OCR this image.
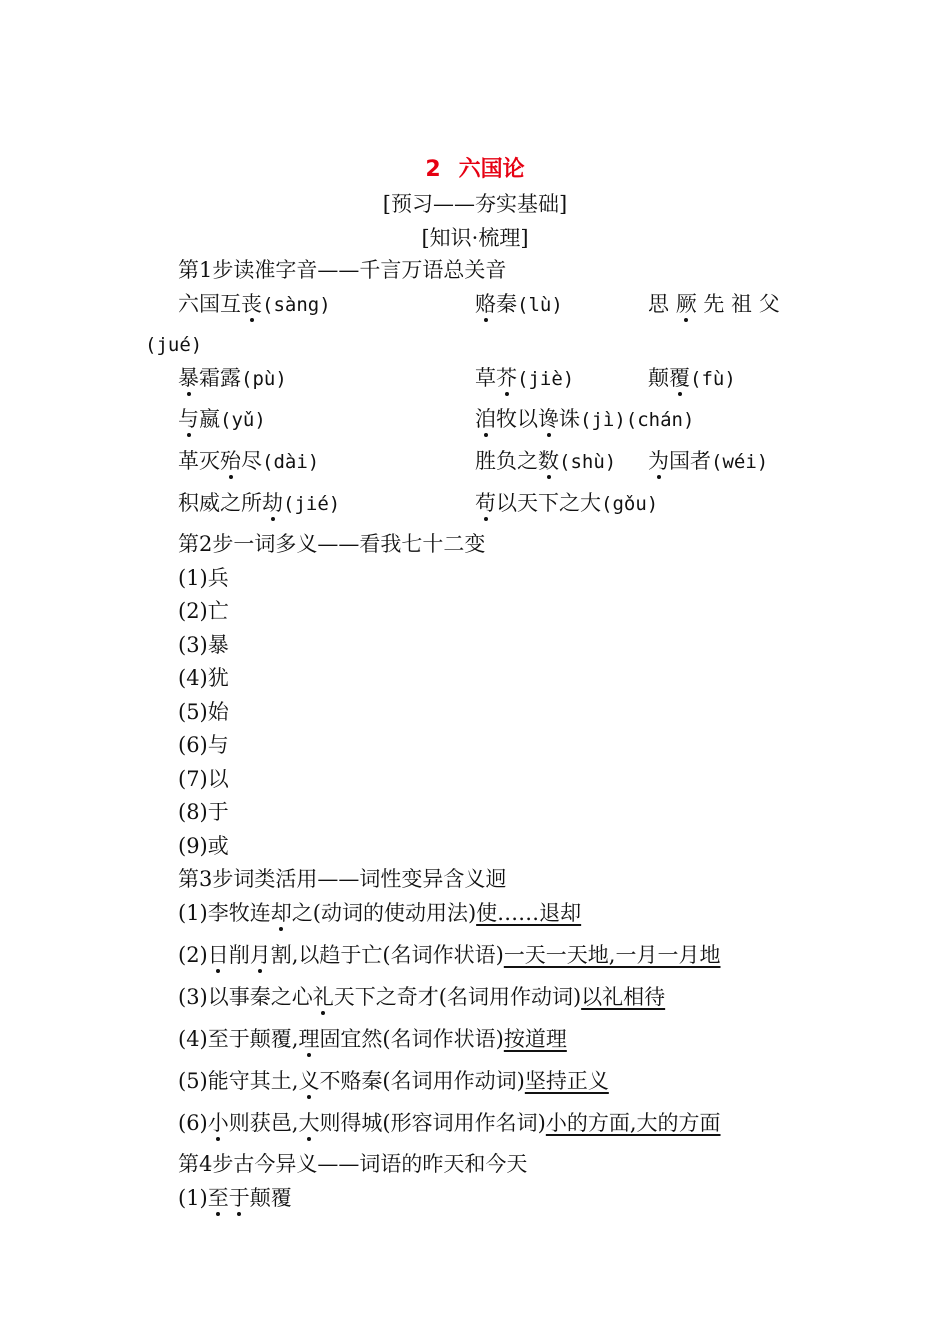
2 六国论
[预习——夯实基础]
[知识·梳理]
第1步读准字音——千言万语总关音
六国互丧(sàng)	赂秦(lù)	思 厥 先 祖 父
(jué)
暴霜露(pù)	草芥(jiè)	颠覆(fù)
与嬴(yǔ)	洎牧以谗诛(jì)(chán)
革灭殆尽(dài)	胜负之数(shù) 为国者(wéi)
积威之所劫(jié)	苟以天下之大(gǒu)
第2步一词多义——看我七十二变
(1)兵
(2)亡
(3)暴
(4)犹
(5)始
(6)与
(7)以
(8)于
(9)或
第3步词类活用——词性变异含义迥
(1)李牧连却之(动词的使动用法)使……退却
(2)日削月割,以趋于亡(名词作状语)一天一天地,一月一月地
(3)以事秦之心礼天下之奇才(名词用作动词)以礼相待
(4)至于颠覆,理固宜然(名词作状语)按道理
(5)能守其土,义不赂秦(名词用作动词)坚持正义
(6)小则获邑,大则得城(形容词用作名词)小的方面,大的方面
第4步古今异义——词语的昨天和今天
(1)至于颠覆
